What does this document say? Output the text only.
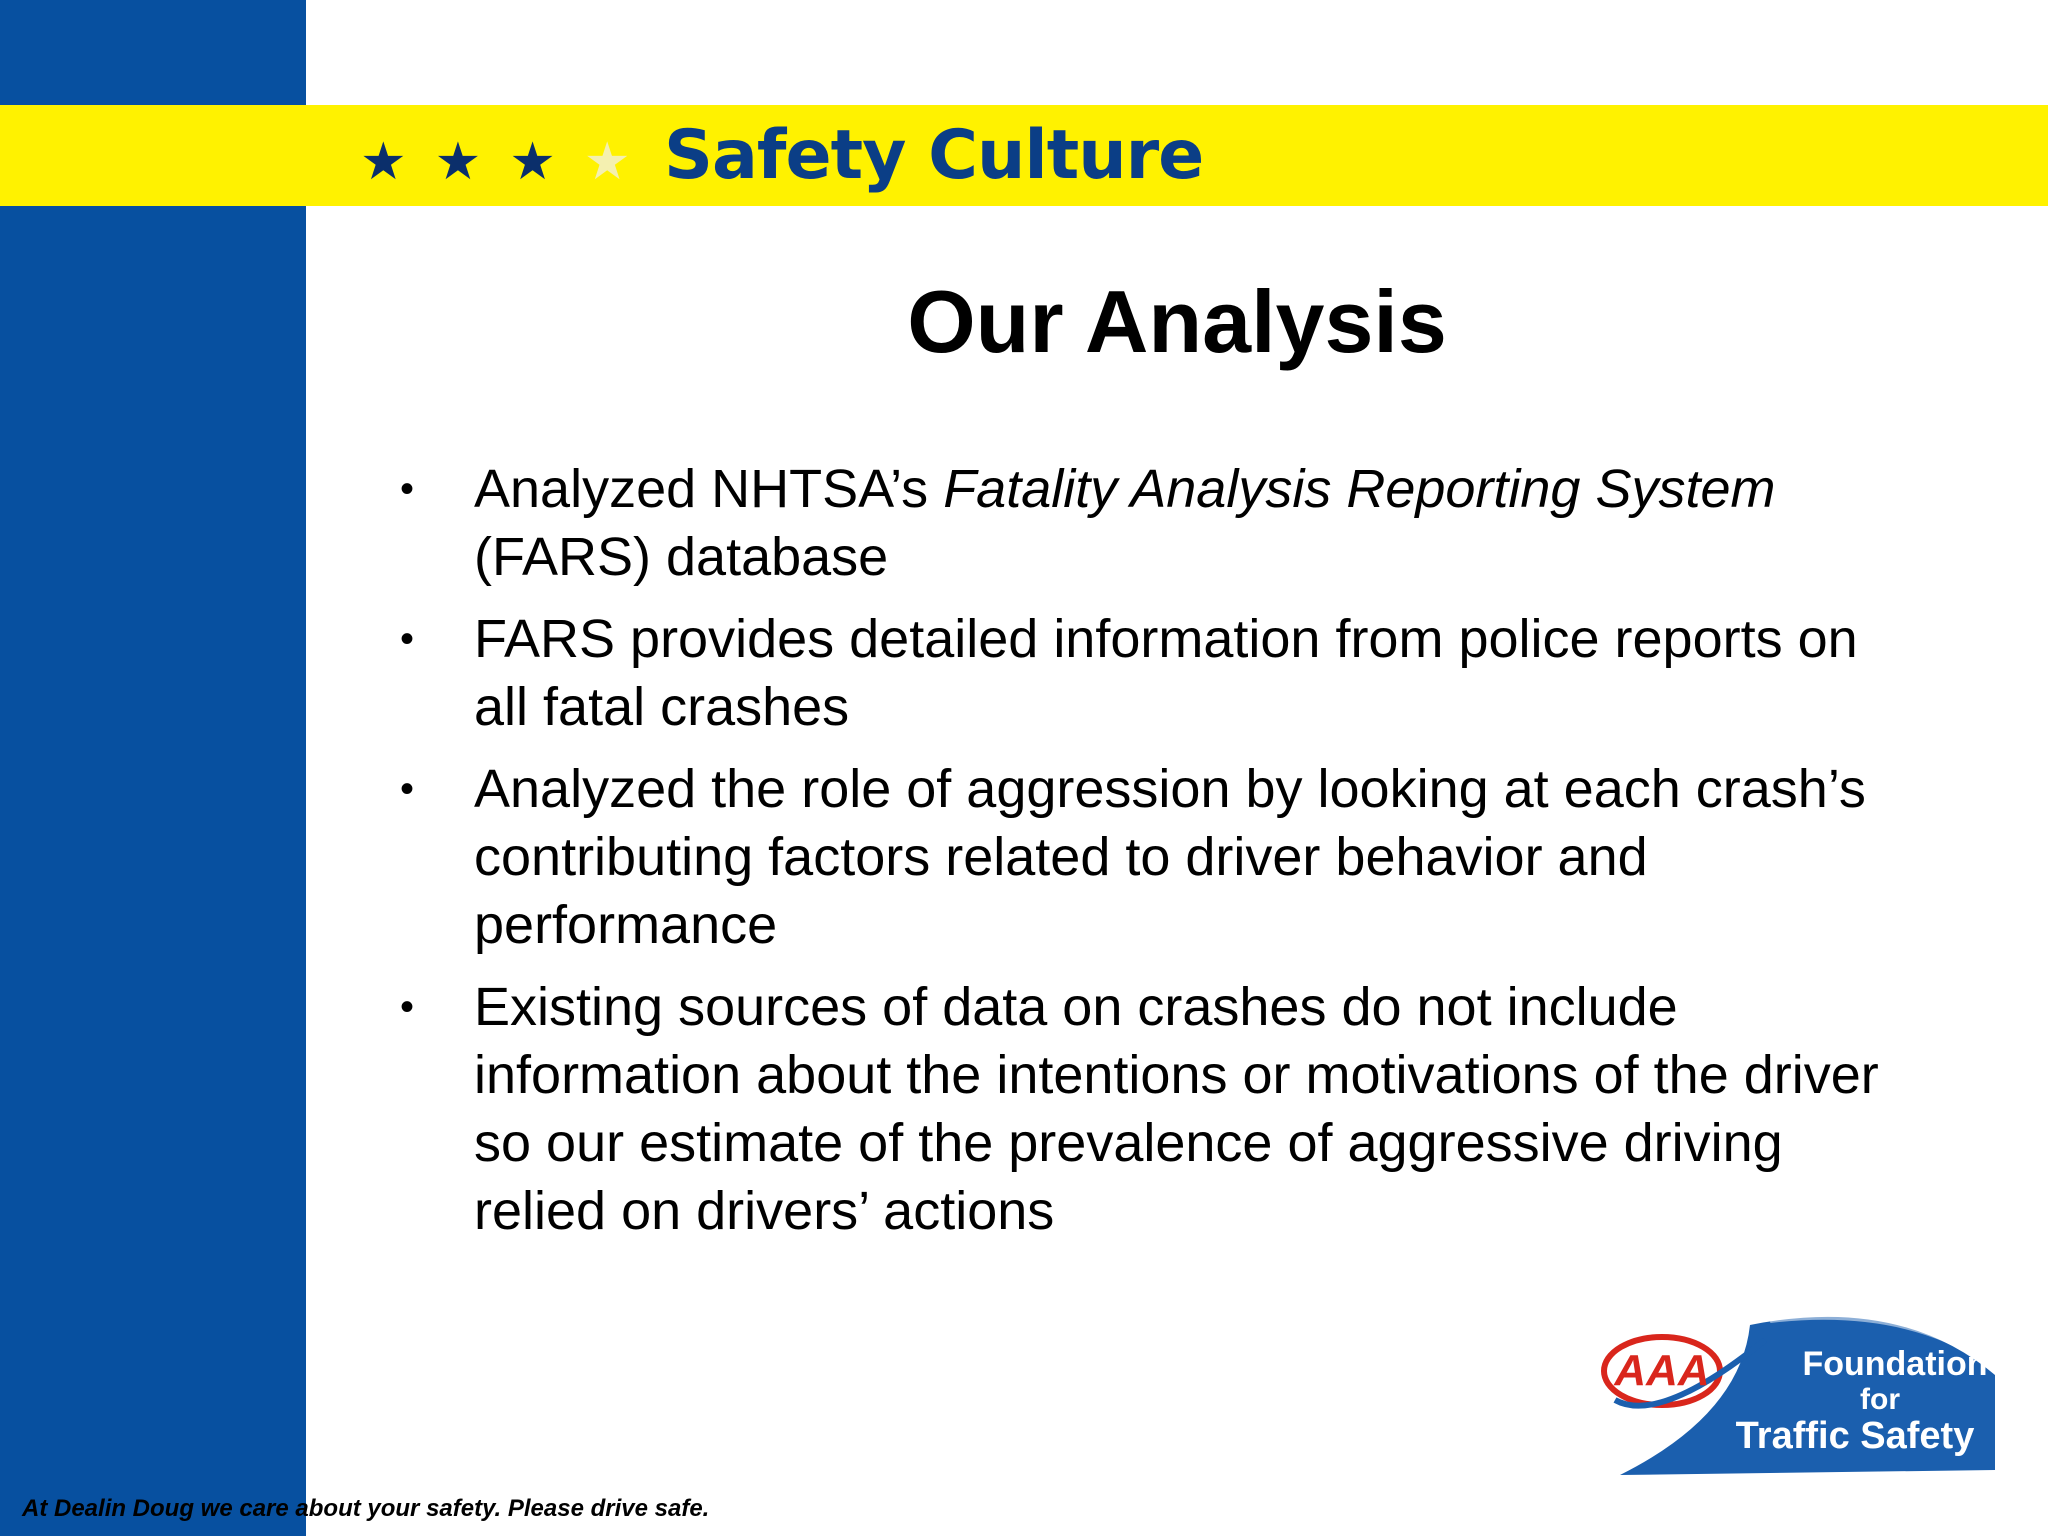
★ ★ ★ ★ Safety Culture
Our Analysis
• Analyzed NHTSA’s Fatality Analysis Reporting System (FARS) database
• FARS provides detailed information from police reports on all fatal crashes
• Analyzed the role of aggression by looking at each crash’s contributing factors related to driver behavior and performance
• Existing sources of data on crashes do not include information about the intentions or motivations of the driver so our estimate of the prevalence of aggressive driving relied on drivers’ actions
At Dealin Doug we care about your safety. Please drive safe.
AAA	Foundation
for
Traffic Safety
